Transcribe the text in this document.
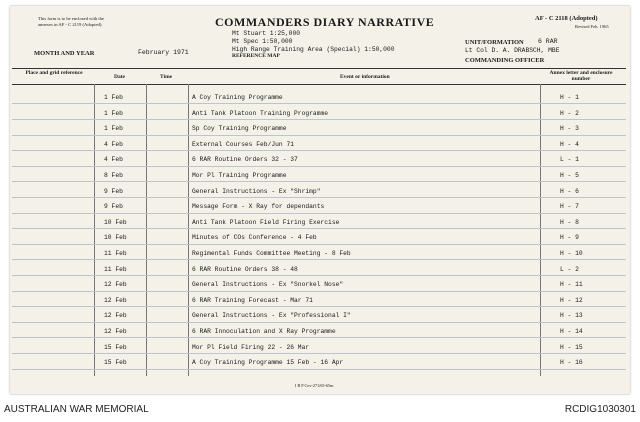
This form is to be enclosed with the annexes in AF - C 2119 (Adopted).	COMMANDERS DIARY NARRATIVE	AF - C 2118 (Adopted)
Revised Feb. 1965
Mt Stuart 1:25,000
Mt Spec 1:50,000
High Range Training Area (Special) 1:50,000
REFERENCE MAP
MONTH AND YEAR	February 1971
UNIT/FORMATION 6 RAR
Lt Col D. A. DRABSCH, MBE
COMMANDING OFFICER
Place and grid reference
Date	Time	Event or information
Annex letter and enclosure number
1 Feb	A Coy Training Programme	H - 1
1 Feb	Anti Tank Platoon Training Programme	H - 2
1 Feb	Sp Coy Training Programme	H - 3
4 Feb	External Courses Feb/Jun 71	H - 4
4 Feb	6 RAR Routine Orders 32 - 37	L - 1
8 Feb	Mor Pl Training Programme	H - 5
9 Feb	General Instructions - Ex "Shrimp"	H - 6
9 Feb	Message Form - X Ray for dependants	H - 7
10 Feb	Anti Tank Platoon Field Firing Exercise	H - 8
10 Feb	Minutes of COs Conference - 4 Feb	H - 9
11 Feb	Regimental Funds Committee Meeting - 8 Feb	H - 10
11 Feb	6 RAR Routine Orders 38 - 48	L - 2
12 Feb	General Instructions - Ex "Snorkel Nose"	H - 11
12 Feb	6 RAR Training Forecast - Mar 71	H - 12
12 Feb	General Instructions - Ex "Professional I"	H - 13
12 Feb	6 RAR Innoculation and X Ray Programme	H - 14
15 Feb	Mor Pl Field Firing 22 - 26 Mar	H - 15
15 Feb	A Coy Training Programme 15 Feb - 16 Apr	H - 16
I B P Cov-271/65-65m
AUSTRALIAN WAR MEMORIAL	RCDIG1030301
